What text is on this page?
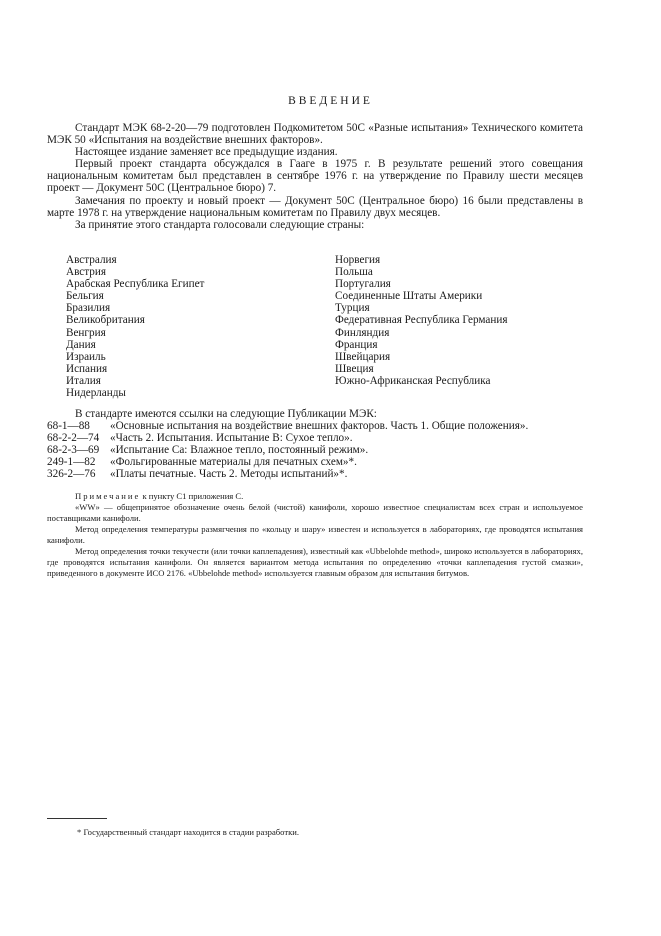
ВВЕДЕНИЕ

Стандарт МЭК 68-2-20—79 подготовлен Подкомитетом 50С «Разные испытания» Технического комитета МЭК 50 «Испытания на воздействие внешних факторов».

Настоящее издание заменяет все предыдущие издания.

Первый проект стандарта обсуждался в Гааге в 1975 г. В результате решений этого совещания национальным комитетам был представлен в сентябре 1976 г. на утверждение по Правилу шести месяцев проект — Документ 50С (Центральное бюро) 7.

Замечания по проекту и новый проект — Документ 50С (Центральное бюро) 16 были представлены в марте 1978 г. на утверждение национальным комитетам по Правилу двух месяцев.

За принятие этого стандарта голосовали следующие страны:

Австралия
Австрия
Арабская Республика Египет
Бельгия
Бразилия
Великобритания
Венгрия
Дания
Израиль
Испания
Италия
Нидерланды
Норвегия
Польша
Португалия
Соединенные Штаты Америки
Турция
Федеративная Республика Германия
Финляндия
Франция
Швейцария
Швеция
Южно-Африканская Республика
В стандарте имеются ссылки на следующие Публикации МЭК:
68-1—88	«Основные испытания на воздействие внешних факторов. Часть 1. Общие положения».
68-2-2—74 «Часть 2. Испытания. Испытание В: Сухое тепло».
68-2-3—69 «Испытание Са: Влажное тепло, постоянный режим».
249-1—82	«Фольгированные материалы для печатных схем»*.
326-2—76	«Платы печатные. Часть 2. Методы испытаний»*.

Примечание к пункту С1 приложения С.

«WW» — общепринятое обозначение очень белой (чистой) канифоли, хорошо известное специалистам всех стран и используемое поставщиками канифоли.

Метод определения температуры размягчения по «кольцу и шару» известен и используется в лабораториях, где проводятся испытания канифоли.

Метод определения точки текучести (или точки каплепадения), известный как «Ubbelohde method», широко используется в лабораториях, где проводятся испытания канифоли. Он является вариантом метода испытания по определению «точки каплепадения густой смазки», приведенного в документе ИСО 2176. «Ubbelohde method» используется главным образом для испытания битумов.

* Государственный стандарт находится в стадии разработки.
